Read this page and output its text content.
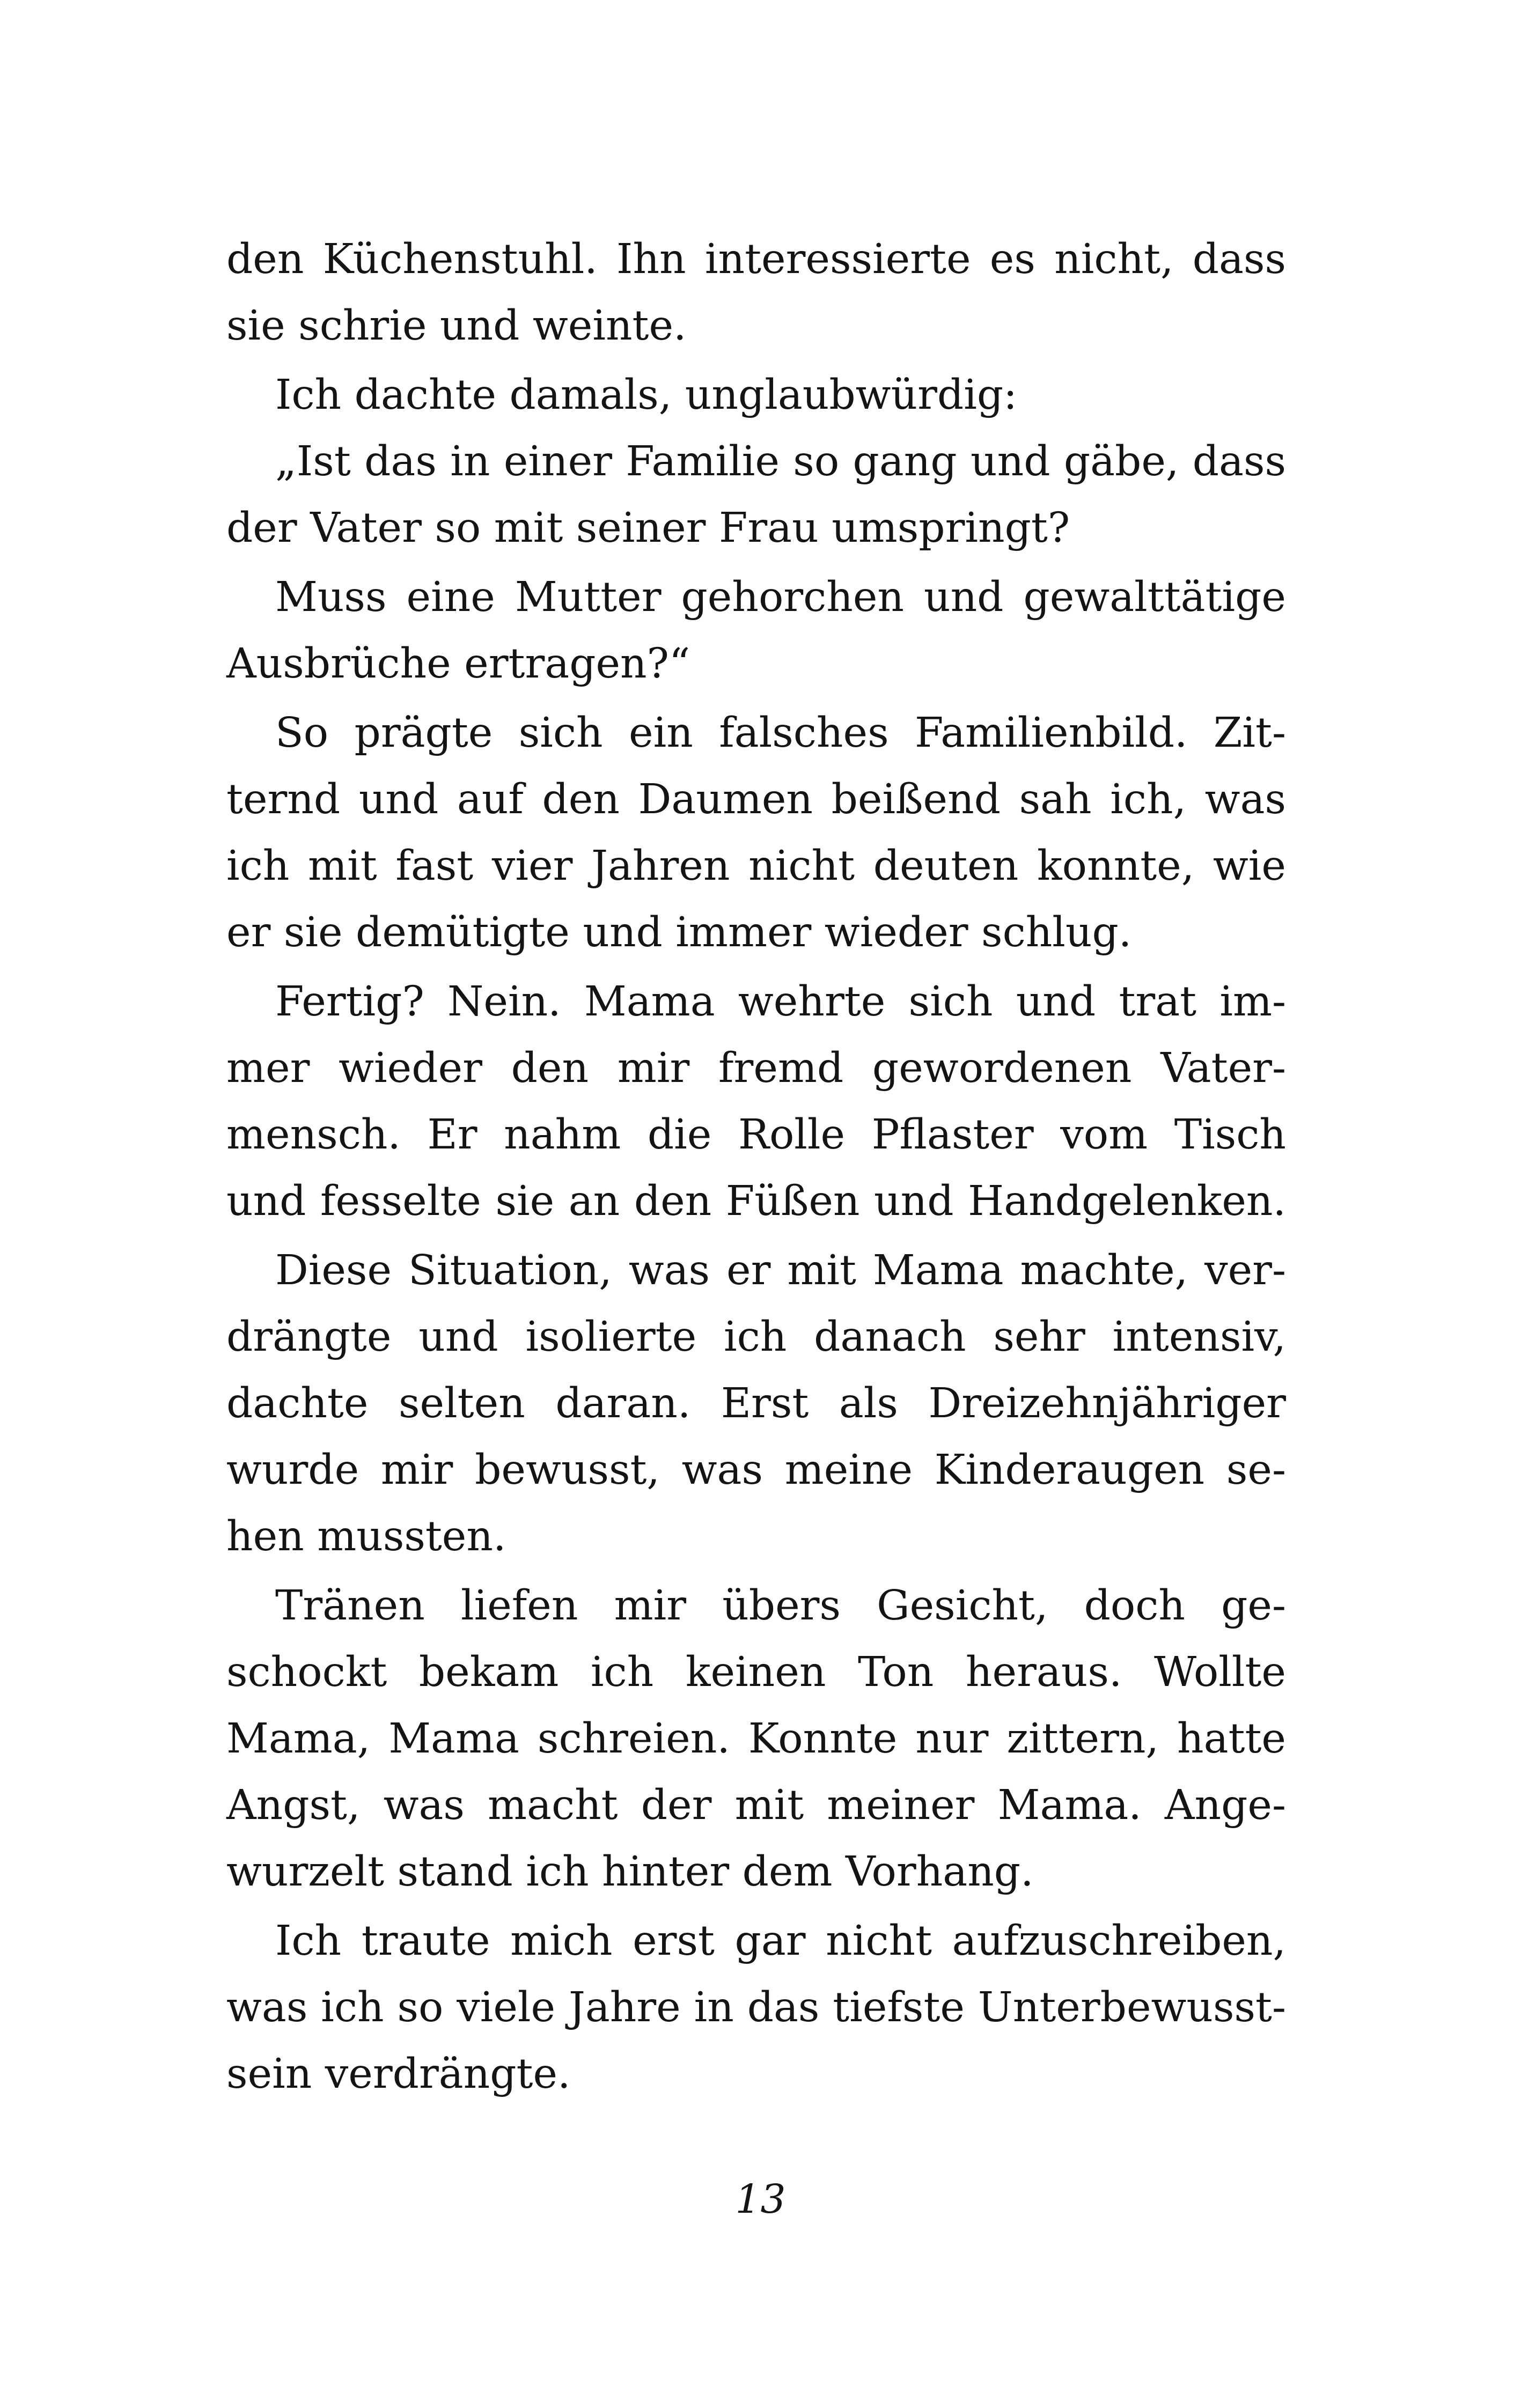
den Küchenstuhl. Ihn interessierte es nicht, dass
sie schrie und weinte.
Ich dachte damals, unglaubwürdig:
„Ist das in einer Familie so gang und gäbe, dass
der Vater so mit seiner Frau umspringt?
Muss eine Mutter gehorchen und gewalttätige
Ausbrüche ertragen?“
So prägte sich ein falsches Familienbild. Zit-
ternd und auf den Daumen beißend sah ich, was
ich mit fast vier Jahren nicht deuten konnte, wie
er sie demütigte und immer wieder schlug.
Fertig? Nein. Mama wehrte sich und trat im-
mer wieder den mir fremd gewordenen Vater-
mensch. Er nahm die Rolle Pflaster vom Tisch
und fesselte sie an den Füßen und Handgelenken.
Diese Situation, was er mit Mama machte, ver-
drängte und isolierte ich danach sehr intensiv,
dachte selten daran. Erst als Dreizehnjähriger
wurde mir bewusst, was meine Kinderaugen se-
hen mussten.
Tränen liefen mir übers Gesicht, doch ge-
schockt bekam ich keinen Ton heraus. Wollte
Mama, Mama schreien. Konnte nur zittern, hatte
Angst, was macht der mit meiner Mama. Ange-
wurzelt stand ich hinter dem Vorhang.
Ich traute mich erst gar nicht aufzuschreiben,
was ich so viele Jahre in das tiefste Unterbewusst-
sein verdrängte.
13
